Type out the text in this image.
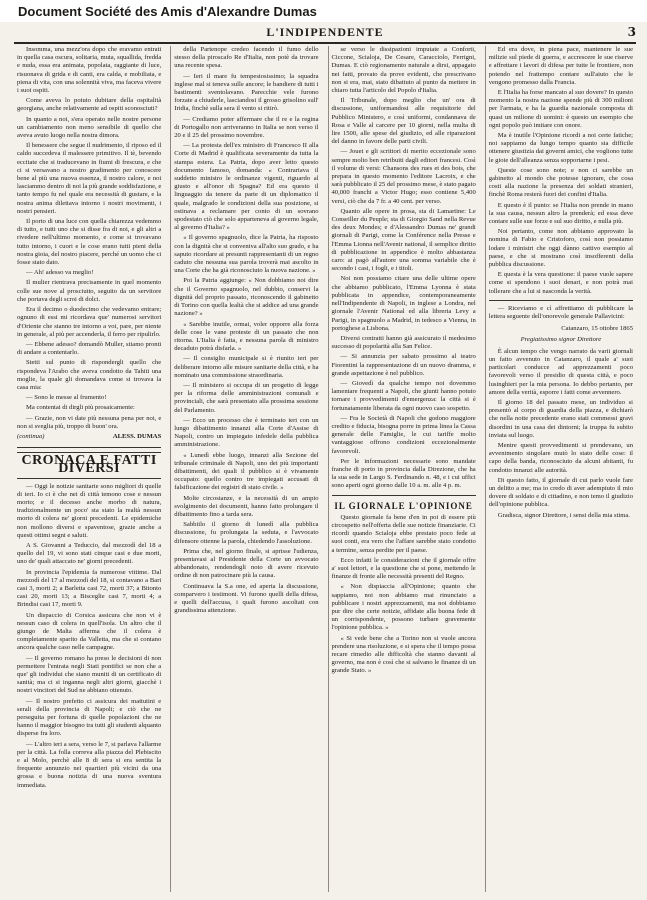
Document Société des Amis d'Alexandre Dumas
L'INDIPENDENTE	3

Insomma, una mezz'ora dopo che eravamo entrati in quella casa oscura, solitaria, muta, squallida, fredda e nuda, essa era animata, popolata, raggiante di luce, risuonava di grida e di canti, era calda, e mobiliata, e piena di vita, con una solennità viva, ma faceva vivere i suoi ospiti.

Come aveva lo potuto dubitare della ospitalità georgiana, anche relativamente ad ospiti sconosciuti?

In quanto a noi, s'era operato nelle nostre persone un cambiamento non meno sensibile di quello che aveva avuto luogo nella nostra dimora.

Il benessere che segue il nudrimento, il riposo ed il caldo succedeva il malessere primitivo. Il tè, bevendo eccitate che si traducevano in fiumi di frescura, e che ci si versavano a nostro gradimento per conoscere bene al più una nuova essenza, il nostro calore, e noi lasciammo dentro di noi la più grande soddisfazione, e tanto tempo fu nel quale era necessità di gustare, e la nostra anima dilettava intorno i nostri movimenti, i nostri pensieri.

Il porto di una luce con quella chiarezza vedemmo di tutto, e tutti uno che si disse fra di noi, e gli altri a rivedere nell'ultimo momento, e come si trovavano tutto intorno, i cuori e le cose erano tutti pieni della nostra gioia, del nostro piacere, perché un uomo che ci fosse stato dato.

— Ah! adesso va meglio!

Il mulier rientrava precisamente in quel momento colle sue nove al prosciutto, seguito da un servitore che portava degli scroi di dolci.

Era il decimo o duodecimo che vedevamo entrare; ognuno di essi mi ricordava que' numerosi servitori d'Oriente che stanno tre intorno a voi, pare, per niente in generale, al più per accenderla, il ferro per ripulirlo.

— Ebbene adesso? domandò Muller, stiamo pronti di andare a contentarlo.

Stetti sul punto di rispondergli quello che rispondeva l'Arabo che aveva condotto da Tahiti una moglie, la quale gli domandava come si trovava la casa mia:

— Sono le messe al frumento!

Ma contentai di dirgli più prosaicamente:

— Grazie, non vi date più nessuna pena per noi, e non si sveglia più, troppo di buon' ora.

(continua)	ALESS. DUMAS
CRONACA E FATTI DIVERSI

— Oggi le notizie sanitarie sono migliori di quelle di ieri. Io ci è che nei dì città temono cose e nessun morto; e il decesso anche morbo di natura, tradizionalmente un poco' sta stato la realtà nessun morto di colera ne' giorni precedenti. Le epidemiche non mollono diversi e spaventose, grazie anche a questi ottimi segni e saluti.

A S. Giovanni a Teduccio, dal mezzodì del 18 a quello del 19, vi sono stati cinque casi e due morti, uno de' quali attaccato ne' giorni precedenti.

In provincia l'epidemia fa numerose vittime. Dal mezzodì del 17 al mezzodì del 18, si contavano a Bari casi 3, morti 2; a Barletta casi 72, morti 37; a Bitonto casi 20, morti 13; a Bisceglie casi 7, morti 4; a Brindisi casi 17, morti 9.

Un dispaccio di Corsica assicura che non vi è nessun caso di colera in quell'isola. Un altro che il giungo de Malta afferma che il colera è completamente sparito da Valletta, ma che si contano ancora qualche caso nelle campagne.

— Il governo romano ha preso le decisioni di non permettere l'entrata negli Stati pontifici se non che a que' gli individui che siano muniti di un certificato di sanità; ma ci si inganna negli altri giorni, giacchè i nostri vincitori del Sud ne abbiano ottenuto.

— Il nostro prefetto ci assicura dei mattutini e serali della provincia di Napoli; e ciò che ne perseguita per fortuna di quelle popolazioni che ne hanno il maggior bisogno tra tutti gli studenti alquanto disperse fra loro.

— L'altro ieri a sera, verso le 7, si parlava l'allarme per la città. La folla correva alla piazza del Plebiscito e al Molo, perchè alle 8 di sera si era sentita la frequente annunzio nei quartieri più vicini da una grossa e buona notizia di una nuova sventura immediata.

della Partenope credeo facendo il fumo dello stesso della piroscafo Re d'Italia, non potè da trovare una recente spesa.

— Ieri il mare fu tempestosissimo; la squadra inglese mal si teneva sulle ancore; le bandiere di tutti i bastimenti sventolavano. Parecchie vele furono forzate a chiuderle, lasciandosi il grosso grisolino sull' Iridia, finchè sulla sera il vento si ritirò.

— Crediamo poter affermare che il re e la regina di Portogallo non arriveranno in Italia se non verso il 20 e il 25 del prossimo novembre.

— La protesta dell'ex ministro di Francesco II alla Corte di Madrid è qualificata severamente da tutta la stampa estera. La Patria, dopo aver letto questo documento famoso, domanda: « Contrariava il suddetto ministro le ordinanze vigenti, riguardo al giusto e all'onor di Spagna? Ed era questo il linguaggio da tenere da parte di un diplomatico il quale, malgrado le condizioni della sua posizione, si ostinava a reclamare per conto di un sovrano spodestato ciò che solo apparteneva al governo legale, al governo d'Italia? »

« Il governo spagnuolo, dice la Patria, ha risposto con la dignità che si conveniva all'alto suo grado, e ha saputo ricordare ai presunti rappresentanti di un regno caduto che nessuna sua parola troverà mai ascolto in una Corte che ha già riconosciuto la nuova nazione. »

Poi la Patria aggiunge: « Non dobbiamo noi dire che il Governo spagnuolo, nel dubbio, conservi la dignità del proprio passato, riconoscendo il gabinetto di Torino con quella lealtà che si addice ad una grande nazione? »

« Sarebbe inutile, ormai, voler opporre alla forza delle cose le vane proteste di un passato che non ritorna. L'Italia è fatta, e nessuna parola di ministro decaduto potrà disfarla. »

— Il consiglio municipale si è riunito ieri per deliberare intorno alle misure sanitarie della città, e ha nominato una commissione straordinaria.

— Il ministero si occupa di un progetto di legge per la riforma delle amministrazioni comunali e provinciali, che sarà presentato alla prossima sessione del Parlamento.

— Ecco un processo che è terminato ieri con un lungo dibattimento innanzi alla Corte d'Assise di Napoli, contro un impiegato infedele della pubblica amministrazione.

« Lunedì ebbe luogo, innanzi alla Sezione del tribunale criminale di Napoli, uno dei più importanti dibattimenti, dei quali il pubblico si è vivamente occupato: quello contro tre impiegati accusati di falsificazione dei registri di stato civile. »

Molte circostanze, e la necessità di un ampio svolgimento dei documenti, hanno fatto prolungare il dibattimento fino a tarda sera.

Sabbiilo il giorno di lunedì alla pubblica discussione, fu prolungata la seduta, e l'avvocato difensore ottenne la parola, chiedendo l'assoluzione.

Prima che, nel giorno finale, si aprisse l'udienza, presentavasi al Presidente della Corte un avvocato abbandonato, rendendogli noto di avere ricevuto ordine di non patrocinare più la causa.

Continuava la S.a one, ed aperta la discussione, comparvero i testimoni. Vi furono quelli della difesa, e quelli dell'accusa, i quali furono ascoltati con grandissima attenzione.

se verso le dissipazioni imputate a Conforti, Ciccone, Scialoja, De Cesare, Caracciolo, Ferrigni, Dumas. E ciò regionamento naturale a dirsi, appagato nei fatti, provato da prove evidenti, che prescrivano non si era, mai, stato dibattuto al punto da mettere in chiaro tutta l'articolo del Popolo d'Italia.

Il Tribunale, dopo meglio che un' ora di discussione, uniformandosi alle requisitorie del Pubblico Ministero, e così uniformi, condannava de Rosa e Valle al carcere per 10 giorni, nella multa di lire 1500, alle spese del giudizio, ed alle riparazioni del danno in favore delle parti civili.

— Jouet e gli scrittori di merito eccezionale sono sempre molto ben retribuiti dagli editori francesi. Così il volume di versi: Chansons des rues et des bois, che prepara in questo momento l'editore Lacroix, e che sarà pubblicato il 25 del prossimo mese, è stato pagato 40,000 franchi a Victor Hugo; esso contiene 5,400 versi, ciò che da 7 fr. a 40 cent. per verso.

Quanto alle opere in prosa, sta di Lamartine: Le Conseiller du Peuple; sta di Giorgio Sand nella Revue des deux Mondes; e d'Alessandro Dumas ne' grandi giornali di Parigi, come la Conférence nella Presse e l'Emma Lionna nell'Avenir national, il semplice diritto di pubblicazione in appendice è molto abbastanza caro: ai pagò all'autore una somma variabile che è secondo i casi, i fogli, e i titoli.

Noi non possiamo citare una delle ultime opere che abbiamo pubblicato, l'Emma Lyonna è stata pubblicata in appendice, contemporaneamente nell'Indipendente di Napoli, in inglese a Londra, nel giornale l'Avenir National ed alla libreria Levy a Parigi, in spagnuolo a Madrid, in tedesco a Vienna, in portoghese a Lisbona.

Diversi contratti hanno già assicurato il medesimo successo di popolarità alla San Felice.

— Si annunzia per sabato prossimo al teatro Fiorentini la rappresentazione di un nuovo dramma, e grande aspettazione è nel pubblico.

— Giovedì da qualche tempo noi dovemmo lamentare frequenti a Napoli, che giunti hanno potuto tornare i provvedimenti d'emergenza: la città si è fortunatamente liberata da ogni nuovo caso sospetto.

— Fra le Società di Napoli che godono maggiore credito e fiducia, bisogna porre in prima linea la Cassa generale delle Famiglie, le cui tariffe molto vantaggiose offrono condizioni eccezionalmente favorevoli.

Per le informazioni necessarie sono mandate franche di porto in provincia dalla Direzione, che ha la sua sede in Largo S. Ferdinando n. 48, e i cui uffici sono aperti ogni giorno dalle 10 a. m. alle 4 p. m.

IL GIORNALE L'OPINIONE

Questo giornale fa bene d'en in poi di essere più circospetto nell'offerta delle sue notizie finanziarie. Ci ricordi quando Scialoja ebbe prestato poco fede ai suoi conti, era vero che l'affare sarebbe stato condotto a termine, senza perdite per il paese.

Ecco infatti le considerazioni che il giornale offre a' suoi lettori, e la questione che si pone, mettendo le finanze di fronte alle necessità presenti del Regno.

« Non dispiaccia all'Opinione; quanto che sappiamo, noi non abbiamo mai rinunciato a pubblicare i nostri apprezzamenti, ma noi dobbiamo pur dire che certe notizie, affidate alla buona fede di un corrispondente, possono turbare gravemente l'opinione pubblica. »

« Si vede bene che a Torino non si vuole ancora prendere una risoluzione, e si spera che il tempo possa recare rimedio alle difficoltà che stanno davanti al governo, ma non è così che si salvano le finanze di un grande Stato. »

Ed era dove, in piena pace, mantenere le sue milizie sul piede di guerra, e accrescere le sue riserve e affrettare i lavori di difesa per tutte le frontiere, non potendo nel frattempo contare sull'aiuto che le vengono promesso dalla Francia.

E l'Italia ha forse mancato al suo dovere? In questo momento la nostra nazione spende più di 300 milioni per l'armata, e ha la guardia nazionale composta di quasi un milione di uomini: è questo un esempio che ogni popolo può imitare con onore.

Ma è inutile l'Opinione ricordi a noi certe fatiche; noi sappiamo da lungo tempo quanto sia difficile ottenere giustizia dai governi amici, che vogliono tutte le gioie dell'alleanza senza sopportarne i pesi.

Queste cose sono note; e non ci sarebbe un gabinetto al mondo che potesse ignorare, che cosa costi alla nazione la presenza dei soldati stranieri, finchè Roma resterà fuori dei confini d'Italia.

E questo è il punto: se l'Italia non prende in mano la sua causa, nessun altro la prenderà; ed essa deve contare sulle sue forze e sul suo diritto, e nulla più.

Noi pertanto, come non abbiamo approvato la nomina di Fabio e Cristoforo, così non possiamo lodare i ministri che oggi dànno cattivo esempio al paese, e che si mostrano così insofferenti della pubblica discussione.

E questa è la vera questione: il paese vuole sapere come si spendono i suoi denari, e non potrà mai tollerare che a lui si nasconda la verità.

— Riceviamo e cì affrettiamo di pubblicare la lettera seguente dell'onorevole generale Pallavicini:

Catanzaro, 15 ottobre 1865
Pregiatissimo signor Direttore

È alcun tempo che vengo narrato da varii giornali un fatto avvenuto in Catanzaro, il quale a' suoi particolari conducce ad apprezzamenti poco favorevoli verso il presidio di questa città, e poco lusinghieri per la mia persona. Io debbo pertanto, per amore della verità, esporre i fatti come avvennero.

Il giorno 18 del passato mese, un individuo si presentò al corpo di guardia della piazza, e dichiarò che nella notte precedente erano stati commessi gravi disordini in una casa dei dintorni; la truppa fu subito inviata sul luogo.

Mentre questi provvedimenti si prendevano, un avvenimento singolare mutò lo stato delle cose: il capo della banda, riconosciuto da alcuni abitanti, fu condotto innanzi alle autorità.

Di questo fatto, il giornale di cui parlo vuole fare un delitto a me; ma io credo di aver adempiuto il mio dovere di soldato e di cittadino, e non temo il giudizio dell'opinione pubblica.

Gradisca, signor Direttore, i sensi della mia stima.
